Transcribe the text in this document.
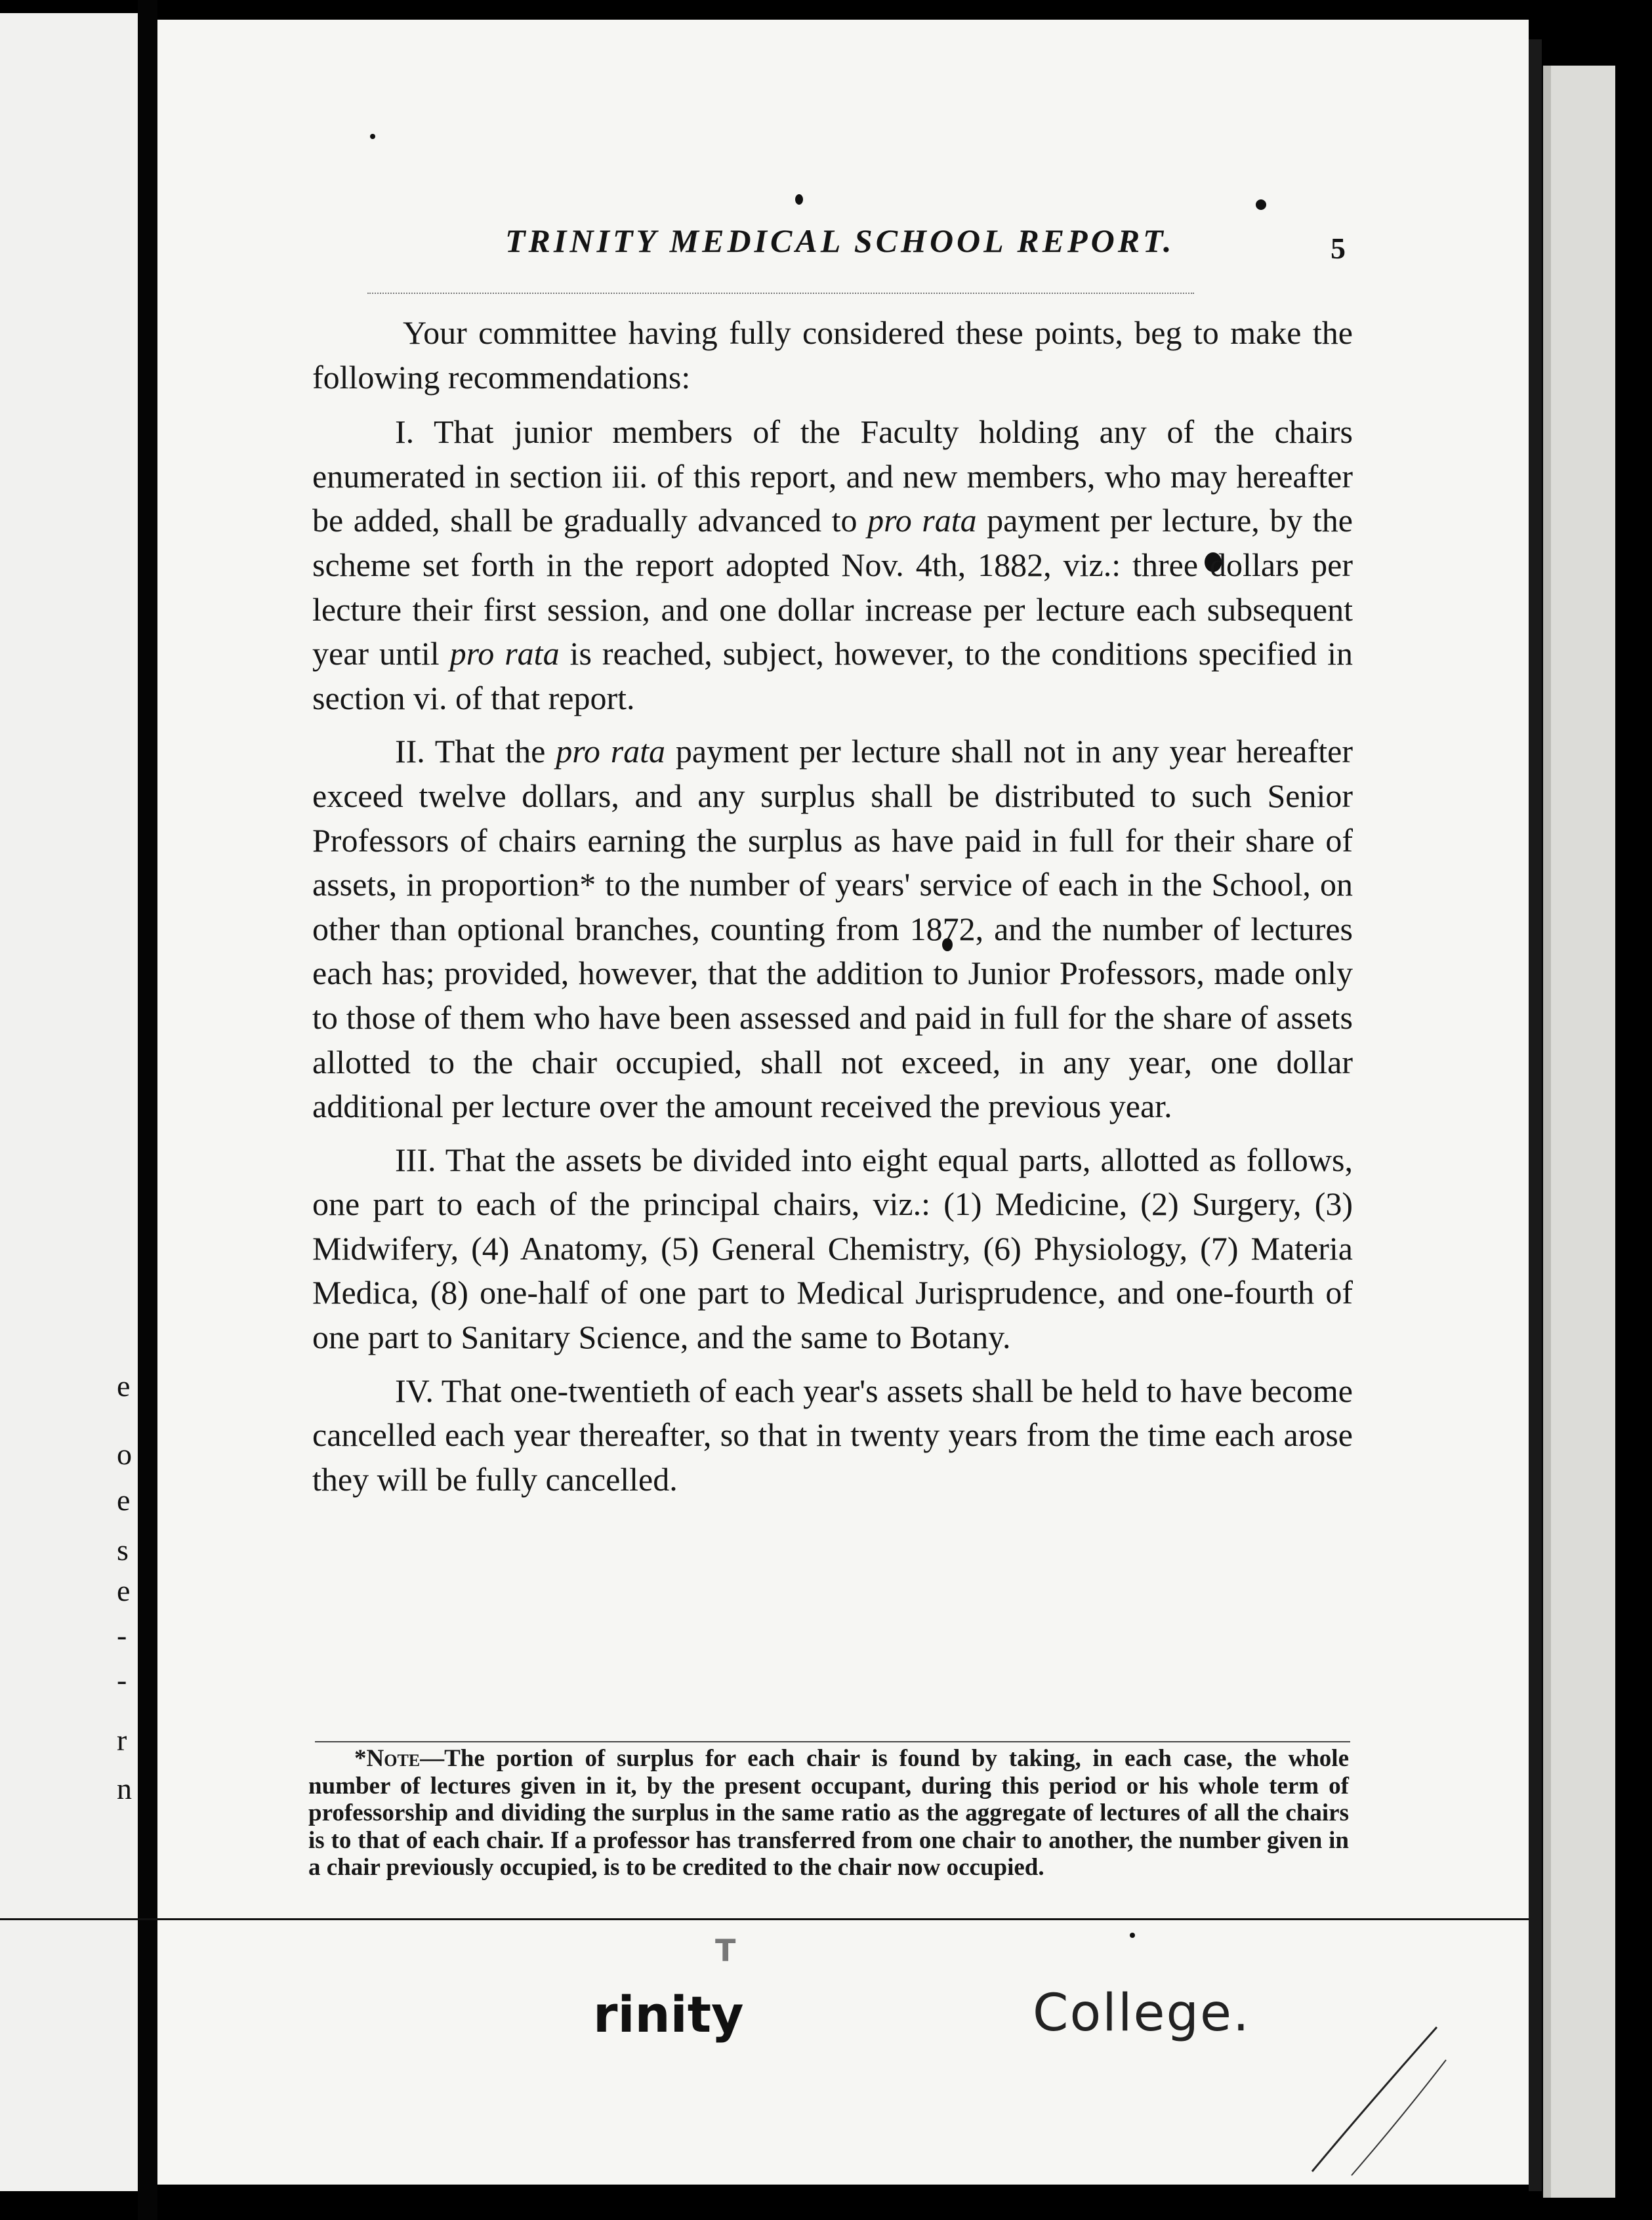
e
o
e
s
e
-
-
r
n
TRINITY MEDICAL SCHOOL REPORT.	5

Your committee having fully considered these points, beg to make the following recommendations:

I. That junior members of the Faculty holding any of the chairs enumerated in section iii. of this report, and new members, who may hereafter be added, shall be gradually advanced to pro rata payment per lecture, by the scheme set forth in the report adopted Nov. 4th, 1882, viz.: three dollars per lecture their first session, and one dollar increase per lecture each subsequent year until pro rata is reached, subject, however, to the conditions specified in section vi. of that report.

II. That the pro rata payment per lecture shall not in any year hereafter exceed twelve dollars, and any surplus shall be distributed to such Senior Professors of chairs earning the surplus as have paid in full for their share of assets, in proportion* to the number of years' service of each in the School, on other than optional branches, counting from 1872, and the number of lectures each has; provided, however, that the addition to Junior Professors, made only to those of them who have been assessed and paid in full for the share of assets allotted to the chair occupied, shall not exceed, in any year, one dollar additional per lecture over the amount received the previous year.

III. That the assets be divided into eight equal parts, allotted as follows, one part to each of the principal chairs, viz.: (1) Medicine, (2) Surgery, (3) Midwifery, (4) Anatomy, (5) General Chemistry, (6) Physiology, (7) Materia Medica, (8) one-half of one part to Medical Jurisprudence, and one-fourth of one part to Sanitary Science, and the same to Botany.

IV. That one-twentieth of each year's assets shall be held to have become cancelled each year thereafter, so that in twenty years from the time each arose they will be fully cancelled.

*Note—The portion of surplus for each chair is found by taking, in each case, the whole number of lectures given in it, by the present occupant, during this period or his whole term of professorship and dividing the surplus in the same ratio as the aggregate of lectures of all the chairs is to that of each chair. If a professor has transferred from one chair to another, the number given in a chair previously occupied, is to be credited to the chair now occupied.
T
rinity	College.
